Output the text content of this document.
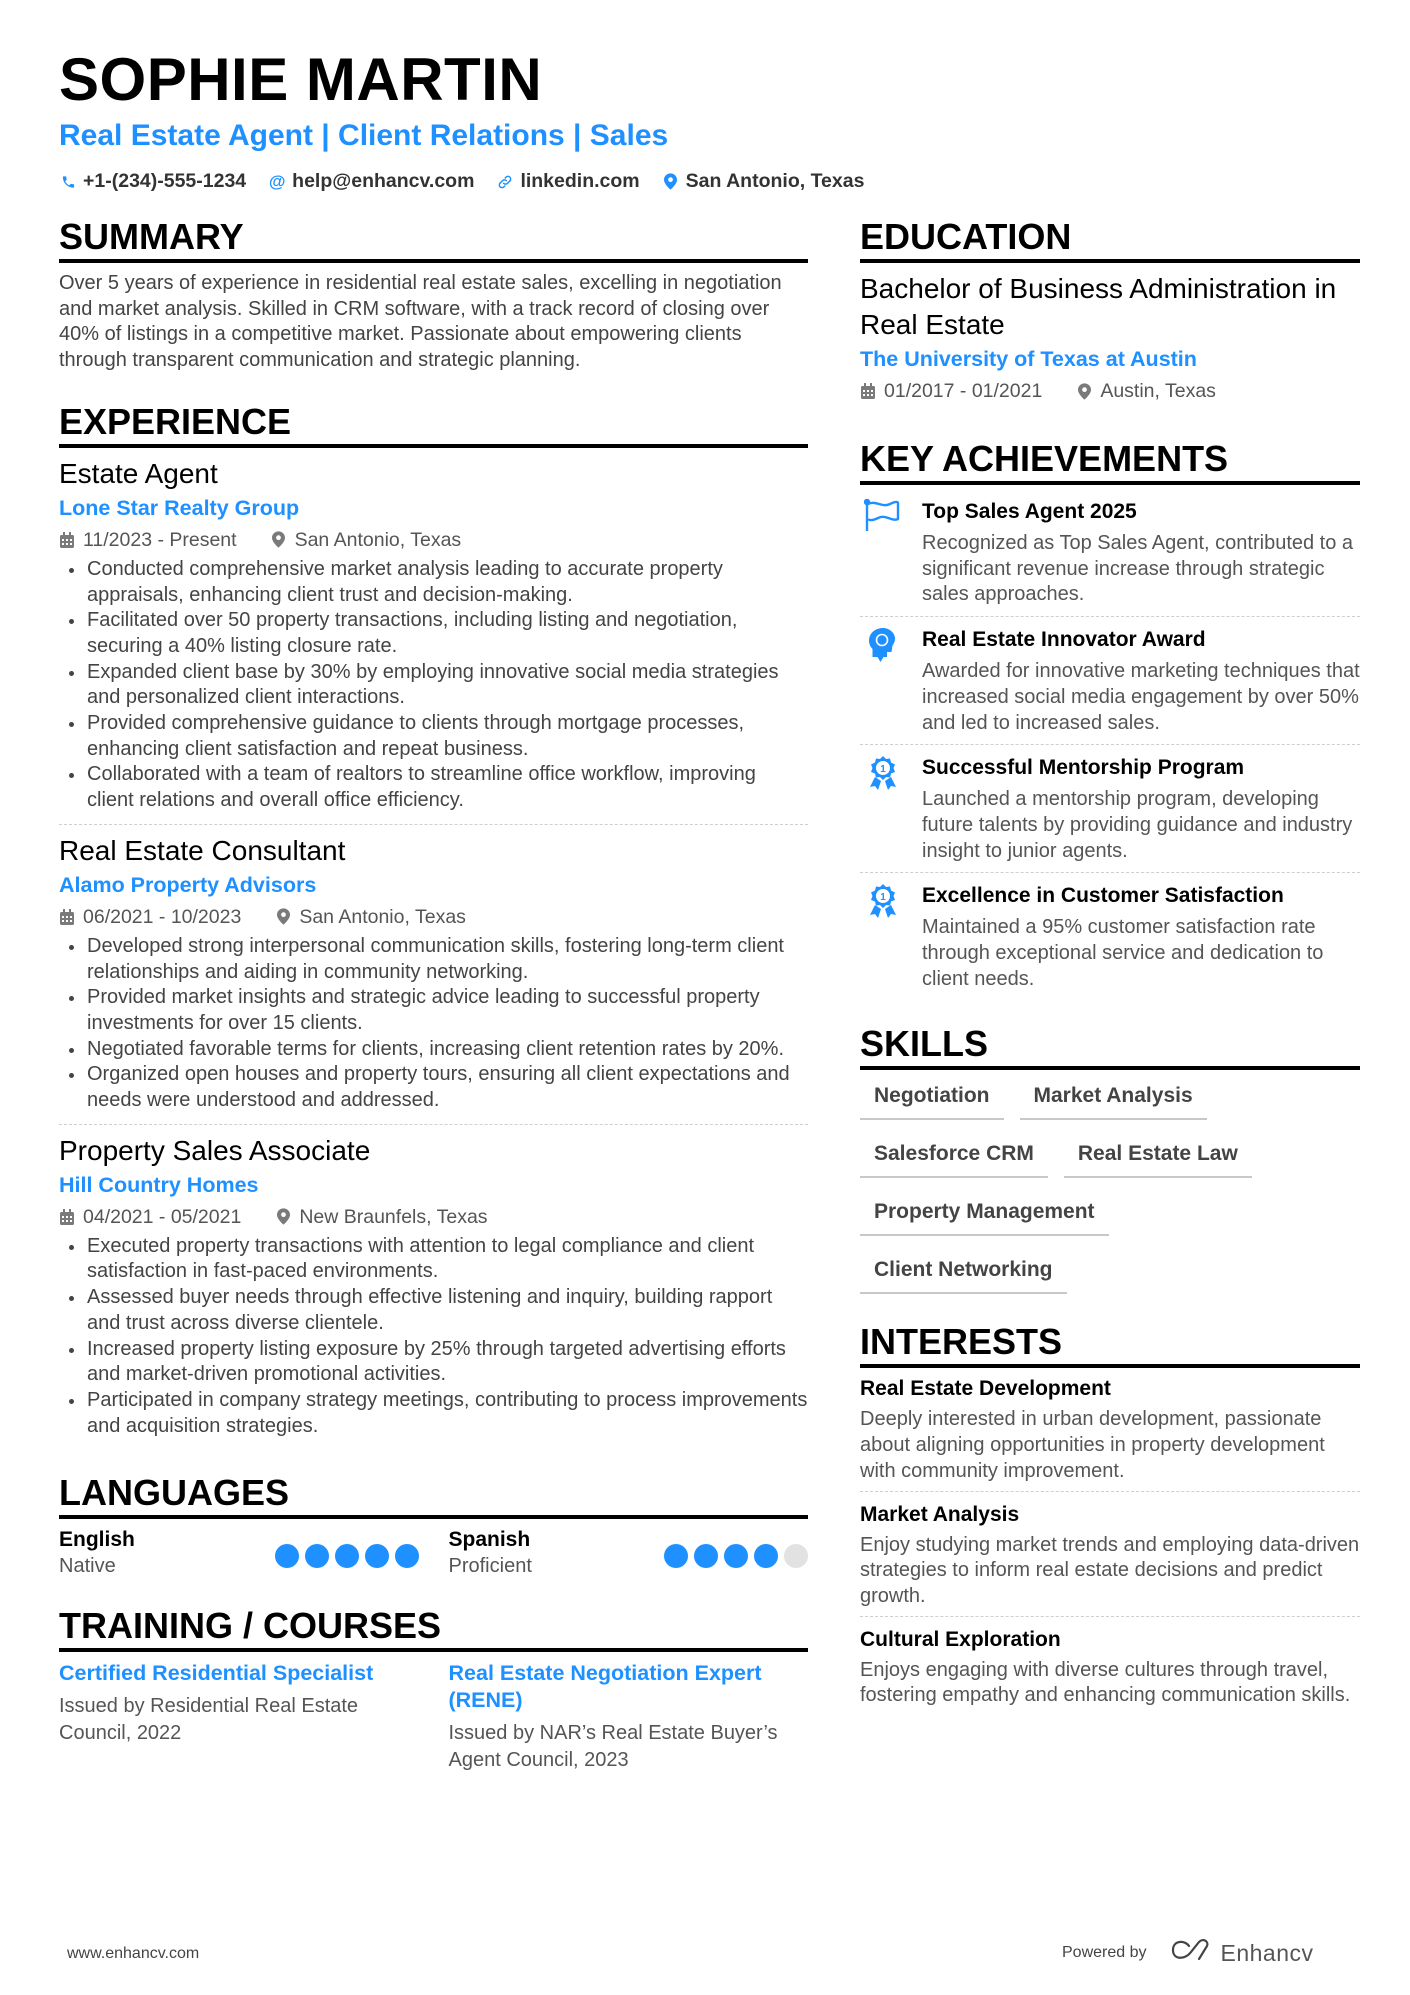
SOPHIE MARTIN
Real Estate Agent | Client Relations | Sales
+1-(234)-555-1234 @ help@enhancv.com linkedin.com San Antonio, Texas
SUMMARY
Over 5 years of experience in residential real estate sales, excelling in negotiation and market analysis. Skilled in CRM software, with a track record of closing over 40% of listings in a competitive market. Passionate about empowering clients through transparent communication and strategic planning.
EXPERIENCE
Estate Agent
Lone Star Realty Group
11/2023 - Present	San Antonio, Texas
Conducted comprehensive market analysis leading to accurate property appraisals, enhancing client trust and decision-making.
Facilitated over 50 property transactions, including listing and negotiation, securing a 40% listing closure rate.
Expanded client base by 30% by employing innovative social media strategies and personalized client interactions.
Provided comprehensive guidance to clients through mortgage processes, enhancing client satisfaction and repeat business.
Collaborated with a team of realtors to streamline office workflow, improving client relations and overall office efficiency.
Real Estate Consultant
Alamo Property Advisors
06/2021 - 10/2023	San Antonio, Texas
Developed strong interpersonal communication skills, fostering long-term client relationships and aiding in community networking.
Provided market insights and strategic advice leading to successful property investments for over 15 clients.
Negotiated favorable terms for clients, increasing client retention rates by 20%.
Organized open houses and property tours, ensuring all client expectations and needs were understood and addressed.
Property Sales Associate
Hill Country Homes
04/2021 - 05/2021	New Braunfels, Texas
Executed property transactions with attention to legal compliance and client satisfaction in fast-paced environments.
Assessed buyer needs through effective listening and inquiry, building rapport and trust across diverse clientele.
Increased property listing exposure by 25% through targeted advertising efforts and market-driven promotional activities.
Participated in company strategy meetings, contributing to process improvements and acquisition strategies.
LANGUAGES
English
Native
Spanish
Proficient
TRAINING / COURSES
Certified Residential Specialist
Issued by Residential Real Estate Council, 2022
Real Estate Negotiation Expert (RENE)
Issued by NAR’s Real Estate Buyer’s Agent Council, 2023
EDUCATION
Bachelor of Business Administration in Real Estate
The University of Texas at Austin
01/2017 - 01/2021	Austin, Texas
KEY ACHIEVEMENTS
Top Sales Agent 2025
Recognized as Top Sales Agent, contributed to a significant revenue increase through strategic sales approaches.
Real Estate Innovator Award
Awarded for innovative marketing techniques that increased social media engagement by over 50% and led to increased sales.
1 Successful Mentorship Program
Launched a mentorship program, developing future talents by providing guidance and industry insight to junior agents.
1 Excellence in Customer Satisfaction
Maintained a 95% customer satisfaction rate through exceptional service and dedication to client needs.
SKILLS
Negotiation	Market Analysis
Salesforce CRM	Real Estate Law
Property Management
Client Networking
INTERESTS
Real Estate Development
Deeply interested in urban development, passionate about aligning opportunities in property development with community improvement.
Market Analysis
Enjoy studying market trends and employing data-driven strategies to inform real estate decisions and predict growth.
Cultural Exploration
Enjoys engaging with diverse cultures through travel, fostering empathy and enhancing communication skills.
www.enhancv.com	Powered by	Enhancv
